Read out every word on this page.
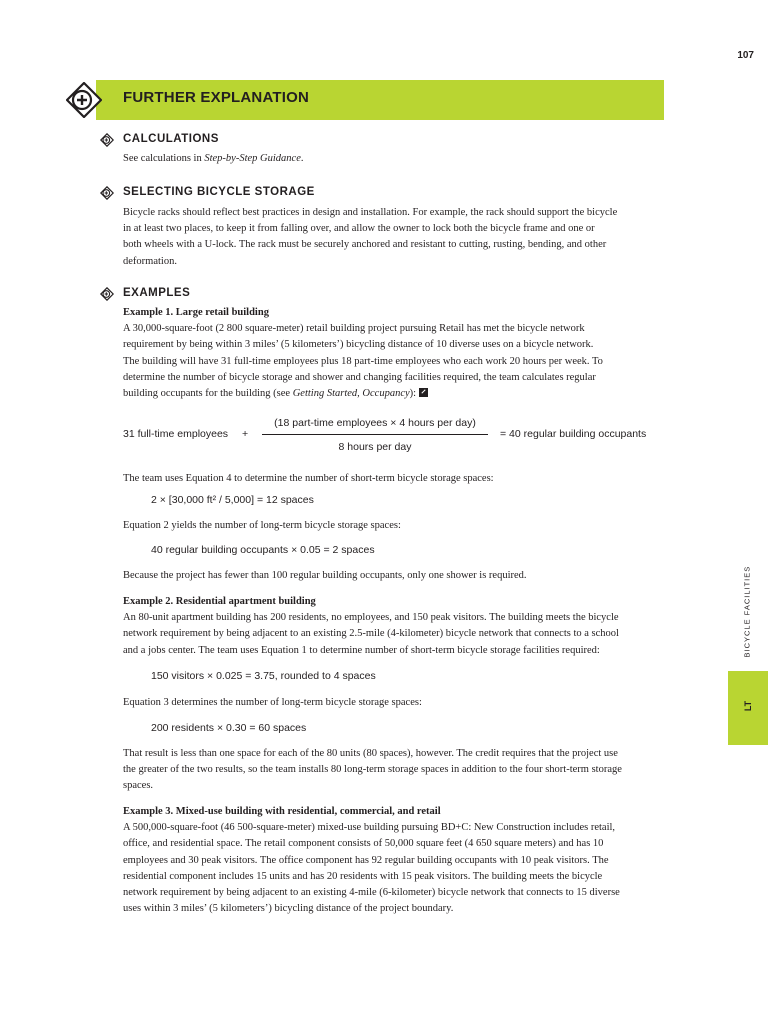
107
FURTHER EXPLANATION
CALCULATIONS

See calculations in Step-by-Step Guidance.

SELECTING BICYCLE STORAGE

Bicycle racks should reflect best practices in design and installation. For example, the rack should support the bicycle

in at least two places, to keep it from falling over, and allow the owner to lock both the bicycle frame and one or

both wheels with a U-lock. The rack must be securely anchored and resistant to cutting, rusting, bending, and other

deformation.

EXAMPLES

Example 1. Large retail building

A 30,000-square-foot (2 800 square-meter) retail building project pursuing Retail has met the bicycle network

requirement by being within 3 miles’ (5 kilometers’) bicycling distance of 10 diverse uses on a bicycle network.

The building will have 31 full-time employees plus 18 part-time employees who each work 20 hours per week. To

determine the number of bicycle storage and shower and changing facilities required, the team calculates regular

building occupants for the building (see Getting Started, Occupancy):

31 full-time employees +
(18 part-time employees × 4 hours per day)
8 hours per day
= 40 regular building occupants

The team uses Equation 4 to determine the number of short-term bicycle storage spaces:

2 × [30,000 ft² / 5,000] = 12 spaces

Equation 2 yields the number of long-term bicycle storage spaces:

40 regular building occupants × 0.05 = 2 spaces

Because the project has fewer than 100 regular building occupants, only one shower is required.

Example 2. Residential apartment building

An 80-unit apartment building has 200 residents, no employees, and 150 peak visitors. The building meets the bicycle

network requirement by being adjacent to an existing 2.5-mile (4-kilometer) bicycle network that connects to a school

and a jobs center. The team uses Equation 1 to determine number of short-term bicycle storage facilities required:

150 visitors × 0.025 = 3.75, rounded to 4 spaces

Equation 3 determines the number of long-term bicycle storage spaces:

200 residents × 0.30 = 60 spaces

That result is less than one space for each of the 80 units (80 spaces), however. The credit requires that the project use

the greater of the two results, so the team installs 80 long-term storage spaces in addition to the four short-term storage

spaces.

Example 3. Mixed-use building with residential, commercial, and retail

A 500,000-square-foot (46 500-square-meter) mixed-use building pursuing BD+C: New Construction includes retail,

office, and residential space. The retail component consists of 50,000 square feet (4 650 square meters) and has 10

employees and 30 peak visitors. The office component has 92 regular building occupants with 10 peak visitors. The

residential component includes 15 units and has 20 residents with 15 peak visitors. The building meets the bicycle

network requirement by being adjacent to an existing 4-mile (6-kilometer) bicycle network that connects to 15 diverse

uses within 3 miles’ (5 kilometers’) bicycling distance of the project boundary.

BICYCLE FACILITIES
LT
